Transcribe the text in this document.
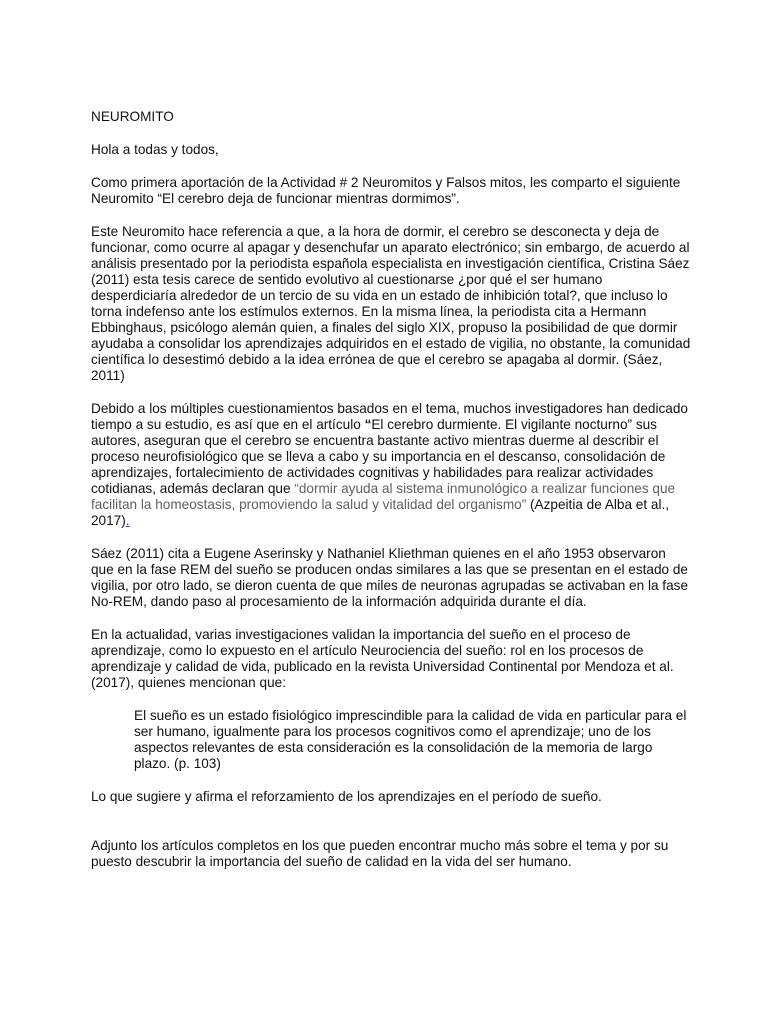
NEUROMITO

Hola a todas y todos,

Como primera aportación de la Actividad # 2 Neuromitos y Falsos mitos, les comparto el siguiente Neuromito “El cerebro deja de funcionar mientras dormimos”.

Este Neuromito hace referencia a que, a la hora de dormir, el cerebro se desconecta y deja de funcionar, como ocurre al apagar y desenchufar un aparato electrónico; sin embargo, de acuerdo al análisis presentado por la periodista española especialista en investigación científica, Cristina Sáez (2011) esta tesis carece de sentido evolutivo al cuestionarse ¿por qué el ser humano desperdiciaría alrededor de un tercio de su vida en un estado de inhibición total?, que incluso lo torna indefenso ante los estímulos externos. En la misma línea, la periodista cita a Hermann Ebbinghaus, psicólogo alemán quien, a finales del siglo XIX, propuso la posibilidad de que dormir ayudaba a consolidar los aprendizajes adquiridos en el estado de vigilia, no obstante, la comunidad científica lo desestimó debido a la idea errónea de que el cerebro se apagaba al dormir. (Sáez, 2011)

Debido a los múltiples cuestionamientos basados en el tema, muchos investigadores han dedicado tiempo a su estudio, es así que en el artículo “El cerebro durmiente. El vigilante nocturno” sus autores, aseguran que el cerebro se encuentra bastante activo mientras duerme al describir el proceso neurofisiológico que se lleva a cabo y su importancia en el descanso, consolidación de aprendizajes, fortalecimiento de actividades cognitivas y habilidades para realizar actividades cotidianas, además declaran que “dormir ayuda al sistema inmunológico a realizar funciones que facilitan la homeostasis, promoviendo la salud y vitalidad del organismo” (Azpeitia de Alba et al., 2017).

Sáez (2011) cita a Eugene Aserinsky y Nathaniel Kliethman quienes en el año 1953 observaron que en la fase REM del sueño se producen ondas similares a las que se presentan en el estado de vigilia, por otro lado, se dieron cuenta de que miles de neuronas agrupadas se activaban en la fase No-REM, dando paso al procesamiento de la información adquirida durante el día.

En la actualidad, varias investigaciones validan la importancia del sueño en el proceso de aprendizaje, como lo expuesto en el artículo Neurociencia del sueño: rol en los procesos de aprendizaje y calidad de vida, publicado en la revista Universidad Continental por Mendoza et al. (2017), quienes mencionan que:

El sueño es un estado fisiológico imprescindible para la calidad de vida en particular para el ser humano, igualmente para los procesos cognitivos como el aprendizaje; uno de los aspectos relevantes de esta consideración es la consolidación de la memoria de largo plazo. (p. 103)

Lo que sugiere y afirma el reforzamiento de los aprendizajes en el período de sueño.

Adjunto los artículos completos en los que pueden encontrar mucho más sobre el tema y por su puesto descubrir la importancia del sueño de calidad en la vida del ser humano.
